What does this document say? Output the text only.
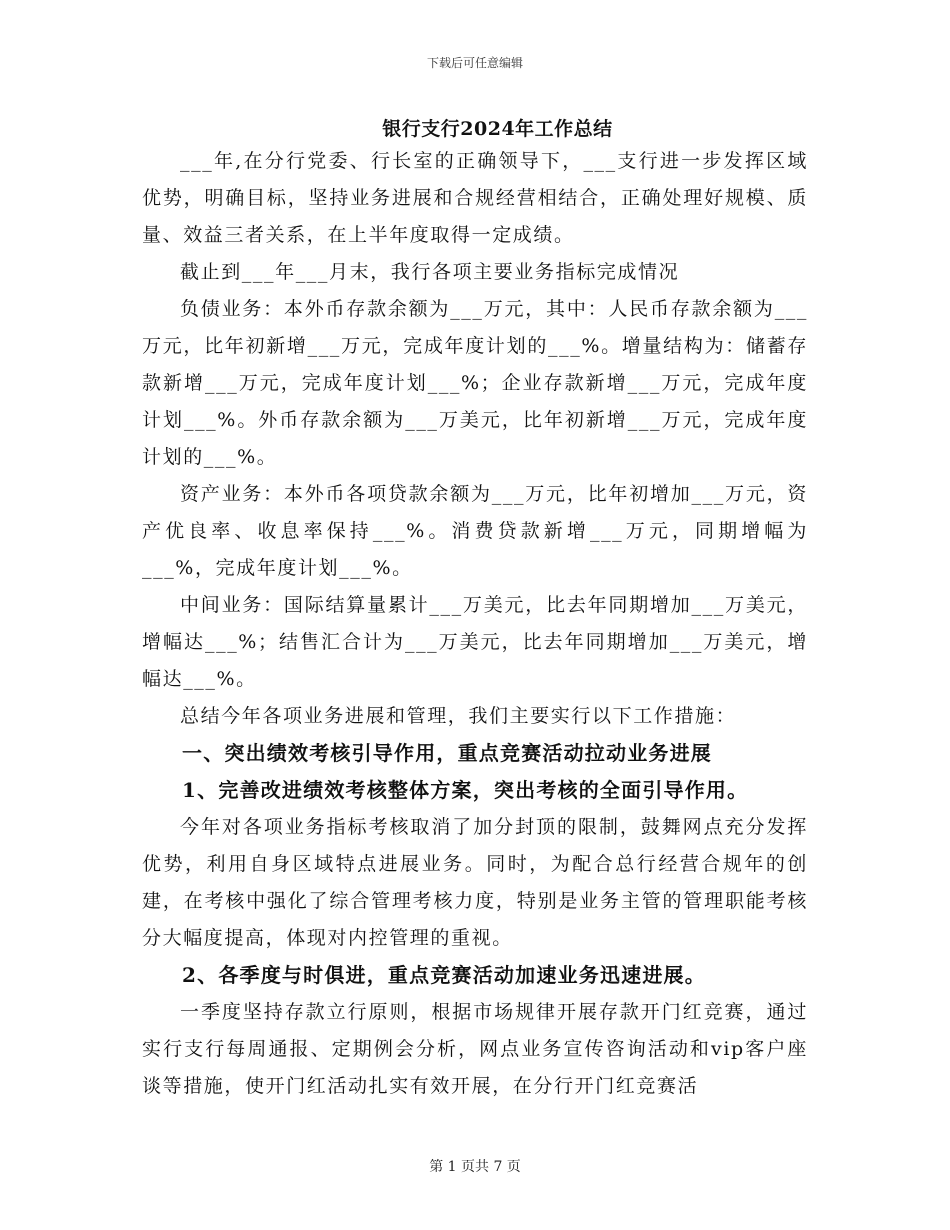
下载后可任意编辑
银行支行2024年工作总结

___年,在分行党委、行长室的正确领导下，___支行进一步发挥区域优势，明确目标，坚持业务进展和合规经营相结合，正确处理好规模、质量、效益三者关系，在上半年度取得一定成绩。

截止到___年___月末，我行各项主要业务指标完成情况

负债业务：本外币存款余额为___万元，其中：人民币存款余额为___万元，比年初新增___万元，完成年度计划的___%。增量结构为：储蓄存款新增___万元，完成年度计划___%；企业存款新增___万元，完成年度计划___%。外币存款余额为___万美元，比年初新增___万元，完成年度计划的___%。

资产业务：本外币各项贷款余额为___万元，比年初增加___万元，资产优良率、收息率保持___%。消费贷款新增___万元，同期增幅为___%，完成年度计划___%。

中间业务：国际结算量累计___万美元，比去年同期增加___万美元，增幅达___%；结售汇合计为___万美元，比去年同期增加___万美元，增幅达___%。

总结今年各项业务进展和管理，我们主要实行以下工作措施：

一、突出绩效考核引导作用，重点竞赛活动拉动业务进展

1、完善改进绩效考核整体方案，突出考核的全面引导作用。

今年对各项业务指标考核取消了加分封顶的限制，鼓舞网点充分发挥优势，利用自身区域特点进展业务。同时，为配合总行经营合规年的创建，在考核中强化了综合管理考核力度，特别是业务主管的管理职能考核分大幅度提高，体现对内控管理的重视。

2、各季度与时俱进，重点竞赛活动加速业务迅速进展。

一季度坚持存款立行原则，根据市场规律开展存款开门红竞赛，通过实行支行每周通报、定期例会分析，网点业务宣传咨询活动和vip客户座谈等措施，使开门红活动扎实有效开展，在分行开门红竞赛活

第 1 页共 7 页
